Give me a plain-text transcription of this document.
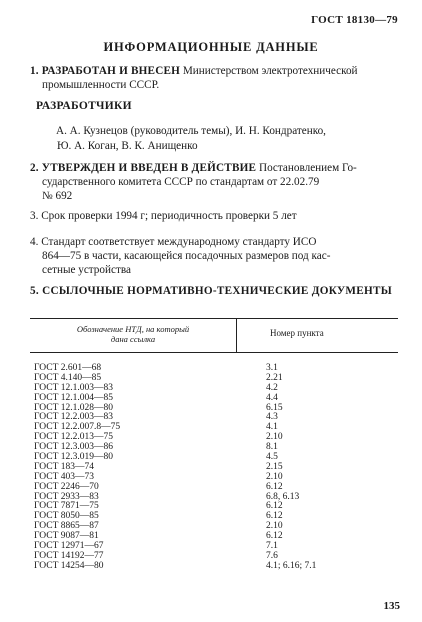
ГОСТ 18130—79
ИНФОРМАЦИОННЫЕ ДАННЫЕ
1. РАЗРАБОТАН И ВНЕСЕН Министерством электротехнической
промышленности СССР.
РАЗРАБОТЧИКИ
А. А. Кузнецов (руководитель темы), И. Н. Кондратенко,

Ю. А. Коган, В. К. Анищенко
2. УТВЕРЖДЕН И ВВЕДЕН В ДЕЙСТВИЕ Постановлением Го-
сударственного комитета СССР по стандартам от 22.02.79
№ 692
3. Срок проверки 1994 г; периодичность проверки 5 лет
4. Стандарт соответствует международному стандарту ИСО
864—75 в части, касающейся посадочных размеров под кас-
сетные устройства
5. ССЫЛОЧНЫЕ НОРМАТИВНО-ТЕХНИЧЕСКИЕ ДОКУМЕНТЫ
Обозначение НТД, на который
дана ссылка
Номер пункта
ГОСТ 2.601—68	3.1
ГОСТ 4.140—85	2.21
ГОСТ 12.1.003—83	4.2
ГОСТ 12.1.004—85	4.4
ГОСТ 12.1.028—80	6.15
ГОСТ 12.2.003—83	4.3
ГОСТ 12.2.007.8—75	4.1
ГОСТ 12.2.013—75	2.10
ГОСТ 12.3.003—86	8.1
ГОСТ 12.3.019—80	4.5
ГОСТ 183—74	2.15
ГОСТ 403—73	2.10
ГОСТ 2246—70	6.12
ГОСТ 2933—83	6.8, 6.13
ГОСТ 7871—75	6.12
ГОСТ 8050—85	6.12
ГОСТ 8865—87	2.10
ГОСТ 9087—81	6.12
ГОСТ 12971—67	7.1
ГОСТ 14192—77	7.6
ГОСТ 14254—80	4.1; 6.16; 7.1
135
